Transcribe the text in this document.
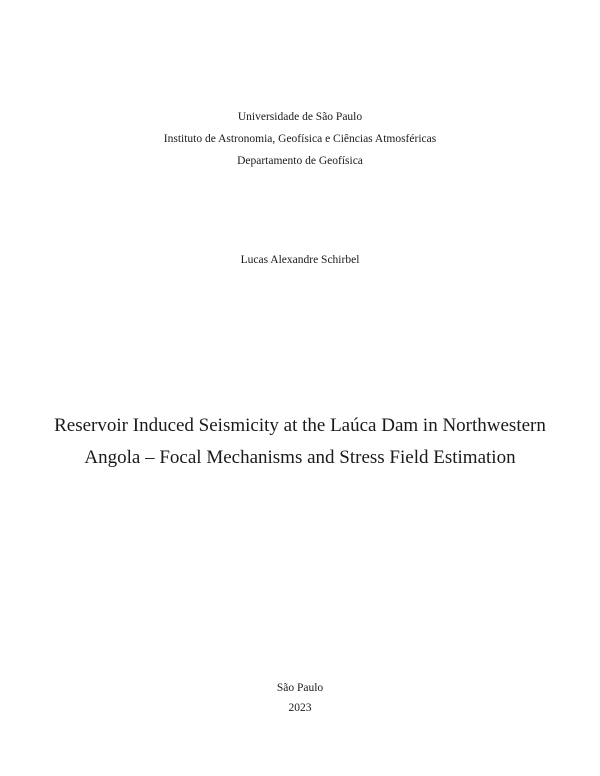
Universidade de São Paulo
Instituto de Astronomia, Geofísica e Ciências Atmosféricas
Departamento de Geofísica
Lucas Alexandre Schirbel
Reservoir Induced Seismicity at the Laúca Dam in Northwestern
Angola – Focal Mechanisms and Stress Field Estimation
São Paulo
2023
